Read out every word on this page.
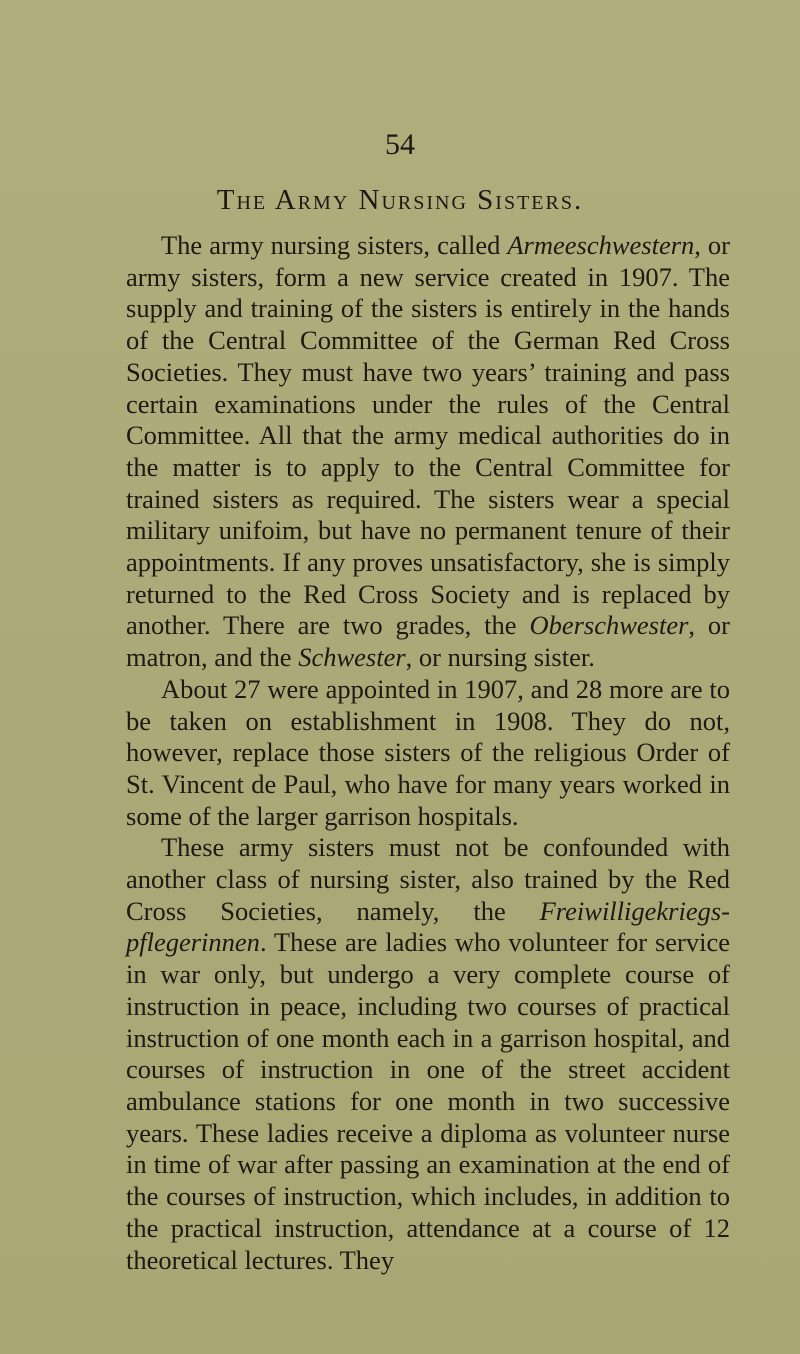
54
The Army Nursing Sisters.

The army nursing sisters, called Armeeschwestern, or army sisters, form a new service created in 1907. The supply and training of the sisters is entirely in the hands of the Central Committee of the German Red Cross Societies. They must have two years’ training and pass certain examinations under the rules of the Central Committee. All that the army medical authorities do in the matter is to apply to the Central Committee for trained sisters as required. The sisters wear a special military unifoim, but have no permanent tenure of their appointments. If any proves unsatisfactory, she is simply returned to the Red Cross Society and is replaced by another. There are two grades, the Oberschwester, or matron, and the Schwester, or nursing sister.

About 27 were appointed in 1907, and 28 more are to be taken on establishment in 1908. They do not, however, replace those sisters of the religious Order of St. Vincent de Paul, who have for many years worked in some of the larger garrison hospitals.

These army sisters must not be confounded with another class of nursing sister, also trained by the Red Cross Societies, namely, the Freiwilligekriegs-pflegerinnen. These are ladies who volunteer for service in war only, but undergo a very complete course of instruction in peace, including two courses of practical instruction of one month each in a garrison hospital, and courses of instruction in one of the street accident ambulance stations for one month in two successive years. These ladies receive a diploma as volunteer nurse in time of war after passing an examination at the end of the courses of instruction, which includes, in addition to the practical instruction, attendance at a course of 12 theoretical lectures. They
